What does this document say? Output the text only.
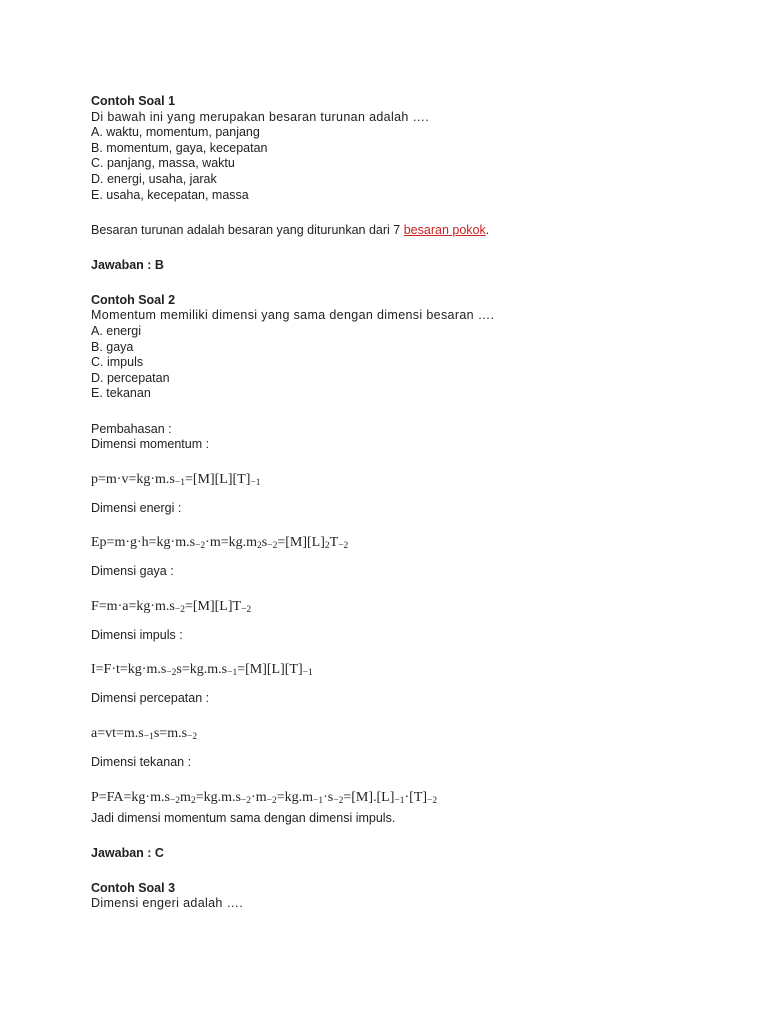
Contoh Soal 1
Di bawah ini yang merupakan besaran turunan adalah ….
A. waktu, momentum, panjang
B. momentum, gaya, kecepatan
C. panjang, massa, waktu
D. energi, usaha, jarak
E. usaha, kecepatan, massa
Besaran turunan adalah besaran yang diturunkan dari 7 besaran pokok.
Jawaban : B
Contoh Soal 2
Momentum memiliki dimensi yang sama dengan dimensi besaran ….
A. energi
B. gaya
C. impuls
D. percepatan
E. tekanan
Pembahasan :
Dimensi momentum :
$p=m\cdot v=kg\cdot m.s_{-1}=[M][L][T]_{-1}$
Dimensi energi :
$Ep=m\cdot g\cdot h=kg\cdot m.s_{-2}\cdot m=kg.m_2s_{-2}=[M][L]_2T_{-2}$
Dimensi gaya :
$F=m\cdot a=kg\cdot m.s_{-2}=[M][L]T_{-2}$
Dimensi impuls :
$I=F\cdot t=kg\cdot m.s_{-2}s=kg.m.s_{-1}=[M][L][T]_{-1}$
Dimensi percepatan :
$a=vt=m.s_{-1}s=m.s_{-2}$
Dimensi tekanan :
$P=FA=kg\cdot m.s_{-2}m_2=kg.m.s_{-2}\cdot m_{-2}=kg.m_{-1}\cdot s_{-2}=[M].[L]_{-1}\cdot[T]_{-2}$
Jadi dimensi momentum sama dengan dimensi impuls.
Jawaban : C
Contoh Soal 3
Dimensi engeri adalah ….
